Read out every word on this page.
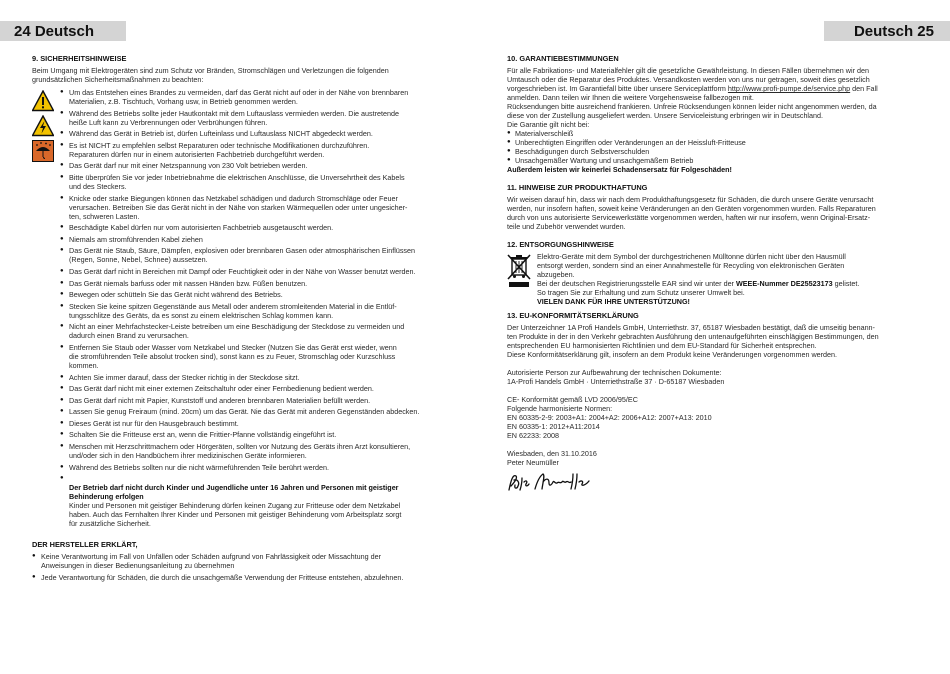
24 Deutsch	Deutsch 25
9. SICHERHEITSHINWEISE

Beim Umgang mit Elektrogeräten sind zum Schutz vor Bränden, Stromschlägen und Verletzungen die folgenden
grundsätzlichen Sicherheitsmaßnahmen zu beachten:

● Um das Entstehen eines Brandes zu vermeiden, darf das Gerät nicht auf oder in der Nähe von brennbaren
Materialien, z.B. Tischtuch, Vorhang usw, in Betrieb genommen werden.
● Während des Betriebs sollte jeder Hautkontakt mit dem Luftauslass vermieden werden. Die austretende
heiße Luft kann zu Verbrennungen oder Verbrühungen führen.
● Während das Gerät in Betrieb ist, dürfen Lufteinlass und Luftauslass NICHT abgedeckt werden.
● Es ist NICHT zu empfehlen selbst Reparaturen oder technische Modifikationen durchzuführen.
Reparaturen dürfen nur in einem autorisierten Fachbetrieb durchgeführt werden.
● Das Gerät darf nur mit einer Netzspannung von 230 Volt betrieben werden.
● Bitte überprüfen Sie vor jeder Inbetriebnahme die elektrischen Anschlüsse, die Unversehrtheit des Kabels
und des Steckers.
● Knicke oder starke Biegungen können das Netzkabel schädigen und dadurch Stromschläge oder Feuer
verursachen. Betreiben Sie das Gerät nicht in der Nähe von starken Wärmequellen oder unter ungesicher-
ten, schweren Lasten.
● Beschädigte Kabel dürfen nur vom autorisierten Fachbetrieb ausgetauscht werden.
● Niemals am stromführenden Kabel ziehen
● Das Gerät nie Staub, Säure, Dämpfen, explosiven oder brennbaren Gasen oder atmosphärischen Einflüssen
(Regen, Sonne, Nebel, Schnee) aussetzen.
● Das Gerät darf nicht in Bereichen mit Dampf oder Feuchtigkeit oder in der Nähe von Wasser benutzt werden.
● Das Gerät niemals barfuss oder mit nassen Händen bzw. Füßen benutzen.
● Bewegen oder schütteln Sie das Gerät nicht während des Betriebs.
● Stecken Sie keine spitzen Gegenstände aus Metall oder anderem stromleitenden Material in die Entlüf-
tungsschlitze des Geräts, da es sonst zu einem elektrischen Schlag kommen kann.
● Nicht an einer Mehrfachstecker-Leiste betreiben um eine Beschädigung der Steckdose zu vermeiden und
dadurch einen Brand zu verursachen.
● Entfernen Sie Staub oder Wasser vom Netzkabel und Stecker (Nutzen Sie das Gerät erst wieder, wenn
die stromführenden Teile absolut trocken sind), sonst kann es zu Feuer, Stromschlag oder Kurzschluss
kommen.
● Achten Sie immer darauf, dass der Stecker richtig in der Steckdose sitzt.
● Das Gerät darf nicht mit einer externen Zeitschaltuhr oder einer Fernbedienung bedient werden.
● Das Gerät darf nicht mit Papier, Kunststoff und anderen brennbaren Materialien befüllt werden.
● Lassen Sie genug Freiraum (mind. 20cm) um das Gerät. Nie das Gerät mit anderen Gegenständen abdecken.
● Dieses Gerät ist nur für den Hausgebrauch bestimmt.
● Schalten Sie die Fritteuse erst an, wenn die Frittier-Pfanne vollständig eingeführt ist.
● Menschen mit Herzschrittmachern oder Hörgeräten, sollten vor Nutzung des Geräts ihren Arzt konsultieren,
und/oder sich in den Handbüchern ihrer medizinischen Geräte informieren.
● Während des Betriebs sollten nur die nicht wärmeführenden Teile berührt werden.

● Der Betrieb darf nicht durch Kinder und Jugendliche unter 16 Jahren und Personen mit geistiger
Behinderung erfolgen

Kinder und Personen mit geistiger Behinderung dürfen keinen Zugang zur Fritteuse oder dem Netzkabel
haben. Auch das Fernhalten Ihrer Kinder und Personen mit geistiger Behinderung vom Arbeitsplatz sorgt
für zusätzliche Sicherheit.

DER HERSTELLER ERKLÄRT,
● Keine Verantwortung im Fall von Unfällen oder Schäden aufgrund von Fahrlässigkeit oder Missachtung der
Anweisungen in dieser Bedienungsanleitung zu übernehmen
● Jede Verantwortung für Schäden, die durch die unsachgemäße Verwendung der Fritteuse entstehen, abzulehnen.
10. GARANTIEBESTIMMUNGEN

Für alle Fabrikations- und Materialfehler gilt die gesetzliche Gewährleistung. In diesen Fällen übernehmen wir den
Umtausch oder die Reparatur des Produktes. Versandkosten werden von uns nur getragen, soweit dies gesetzlich
vorgeschrieben ist. Im Garantiefall bitte über unsere Serviceplattform http://www.profi-pumpe.de/service.php den Fall
anmelden. Dann teilen wir Ihnen die weitere Vorgehensweise fallbezogen mit.
Rücksendungen bitte ausreichend frankieren. Unfreie Rücksendungen können leider nicht angenommen werden, da
diese von der Zustellung ausgeliefert werden. Unsere Serviceleistung erbringen wir in Deutschland.
Die Garantie gilt nicht bei:

● Materialverschleiß
● Unberechtigten Eingriffen oder Veränderungen an der Heissluft-Fritteuse
● Beschädigungen durch Selbstverschulden
● Unsachgemäßer Wartung und unsachgemäßem Betrieb

Außerdem leisten wir keinerlei Schadensersatz für Folgeschäden!

11. HINWEISE ZUR PRODUKTHAFTUNG

Wir weisen darauf hin, dass wir nach dem Produkthaftungsgesetz für Schäden, die durch unsere Geräte verursacht
werden, nur insofern haften, soweit keine Veränderungen an den Geräten vorgenommen wurden. Falls Reparaturen
durch von uns autorisierte Servicewerkstätte vorgenommen werden, haften wir nur insofern, wenn Original-Ersatz-
teile und Zubehör verwendet wurden.

12. ENTSORGUNGSHINWEISE

Elektro-Geräte mit dem Symbol der durchgestrichenen Mülltonne dürfen nicht über den Hausmüll
entsorgt werden, sondern sind an einer Annahmestelle für Recycling von elektronischen Geräten
abzugeben.
Bei der deutschen Registrierungsstelle EAR sind wir unter der WEEE-Nummer DE25523173 gelistet.
So tragen Sie zur Erhaltung und zum Schutz unserer Umwelt bei.

VIELEN DANK FÜR IHRE UNTERSTÜTZUNG!

13. EU-KONFORMITÄTSERKLÄRUNG

Der Unterzeichner 1A Profi Handels GmbH, Unterriethstr. 37, 65187 Wiesbaden bestätigt, daß die umseitig benann-
ten Produkte in der in den Verkehr gebrachten Ausführung den untenaufgeführten einschlägigen Bestimmungen, den
entsprechenden EU harmonisierten Richtlinien und dem EU-Standard für Sicherheit entsprechen.
Diese Konformitätserklärung gilt, insofern an dem Produkt keine Veränderungen vorgenommen werden.

Autorisierte Person zur Aufbewahrung der technischen Dokumente:
1A-Profi Handels GmbH · Unterriethstraße 37 · D-65187 Wiesbaden

CE- Konformität gemäß LVD 2006/95/EC
Folgende harmonisierte Normen:
EN 60335-2-9: 2003+A1: 2004+A2: 2006+A12: 2007+A13: 2010
EN 60335-1: 2012+A11:2014
EN 62233: 2008

Wiesbaden, den 31.10.2016
Peter Neumüller
